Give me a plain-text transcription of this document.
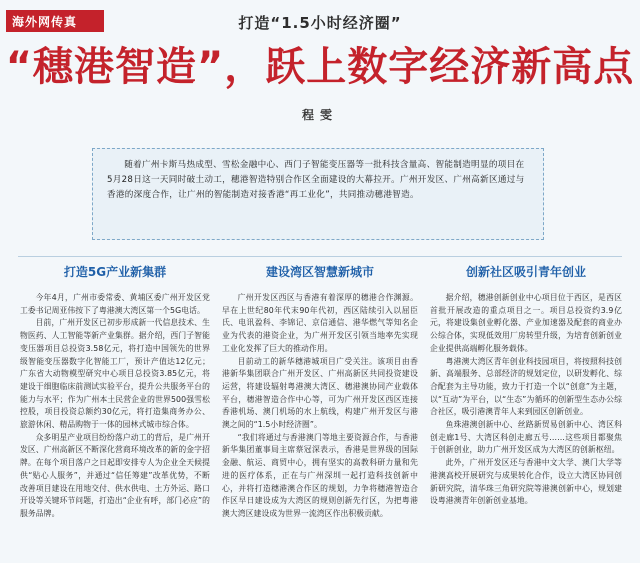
海外网传真	打造“1.5小时经济圈”
“穗港智造”，跃上数字经济新高点
程雯
随着广州卡斯马热成型、雪松金融中心、西门子智能变压器等一批科技含量高、智能制造明显的项目在5月28日这一天同时破土动工，穗港智造特别合作区全面建设的大幕拉开。广州开发区、广州高新区通过与香港的深度合作，让广州的智能制造对接香港“再工业化”，共同推动穗港智造。
打造5G产业新集群

今年4月，广州市委常委、黄埔区委广州开发区党工委书记周亚伟按下了粤港澳大湾区第一个5G电话。

目前，广州开发区已初步形成新一代信息技术、生物医药、人工智能等新产业集群。据介绍，西门子智能变压器项目总投资3.58亿元，将打造中国领先的世界级智能变压器数字化智能工厂，预计产值达12亿元；广东省大动物模型研究中心项目总投资3.85亿元，将建设于细胞临床前测试实验平台，提升公共服务平台的能力与水平；作为广州本土民营企业的世界500强雪松控股，项目投资总额约30亿元，将打造集商务办公、旅游休闲、精品购物于一体的园林式城市综合体。

众多明星产业项目纷纷落户动工的背后，是广州开发区、广州高新区不断深化营商环境改革的新的金字招牌。在每个项目落户之日起即安排专人为企业全天候提供“贴心人服务”，并通过“信任筹建”改革优势，不断改善项目建设在用地交付、供水供电、土方外运、路口开设等关键环节问题，打造出“企业有呼，部门必应”的服务品牌。

建设湾区智慧新城市

广州开发区西区与香港有着深厚的穗港合作渊源。早在上世纪80年代末90年代初，西区陆续引入以屈臣氏、电讯盈科、李锦记、京信通信、港华燃气等知名企业为代表的港资企业，为广州开发区引领当地率先实现工业化发挥了巨大的推动作用。

目前动工的新华穗港城项目广受关注。该项目由香港新华集团联合广州开发区、广州高新区共同投资建设运营，将建设辐射粤港澳大湾区、穗港澳协同产业载体平台，穗港智造合作中心等，可为广州开发区西区连接香港机场、澳门机场的水上航线，构建广州开发区与港澳之间的“1.5小时经济圈”。

“我们将通过与香港澳门等地主要资源合作，与香港新华集团董事局主席蔡冠深表示，香港是世界级的国际金融、航运、商贸中心，拥有坚实的高教科研力量和先进的医疗体系，正在与广州深圳一起打造科技创新中心，并将打造穗港澳合作区的规划，力争将穗港智造合作区早日建设成为大湾区的规则创新先行区，为把粤港澳大湾区建设成为世界一流湾区作出积极贡献。

创新社区吸引青年创业

据介绍，穗港创新创业中心项目位于西区，是西区首批开展改造的重点项目之一。项目总投资约3.9亿元，将建设集创业孵化器、产业加速器及配套的商业办公综合体，实现低效用厂房转型升级，为培育创新创业企业提供高端孵化服务载体。

粤港澳大湾区青年创业科技园项目，将按照科技创新、高端服务、总部经济的规划定位，以研发孵化、综合配套为主导功能，致力于打造一个以“创意”为主题，以“互动”为平台，以“生态”为循环的创新型生态办公综合社区，吸引港澳青年人来到园区创新创业。

鱼珠港澳创新中心、丝路新贸易创新中心、湾区科创走廊1号、大湾区科创走廊五号……这些项目都聚焦于创新创业，助力广州开发区成为大湾区的创新枢纽。

此外，广州开发区还与香港中文大学、澳门大学等港澳高校开展研究与成果转化合作，设立大湾区协同创新研究院，清华珠三角研究院等港澳创新中心，规划建设粤港澳青年创新创业基地。
